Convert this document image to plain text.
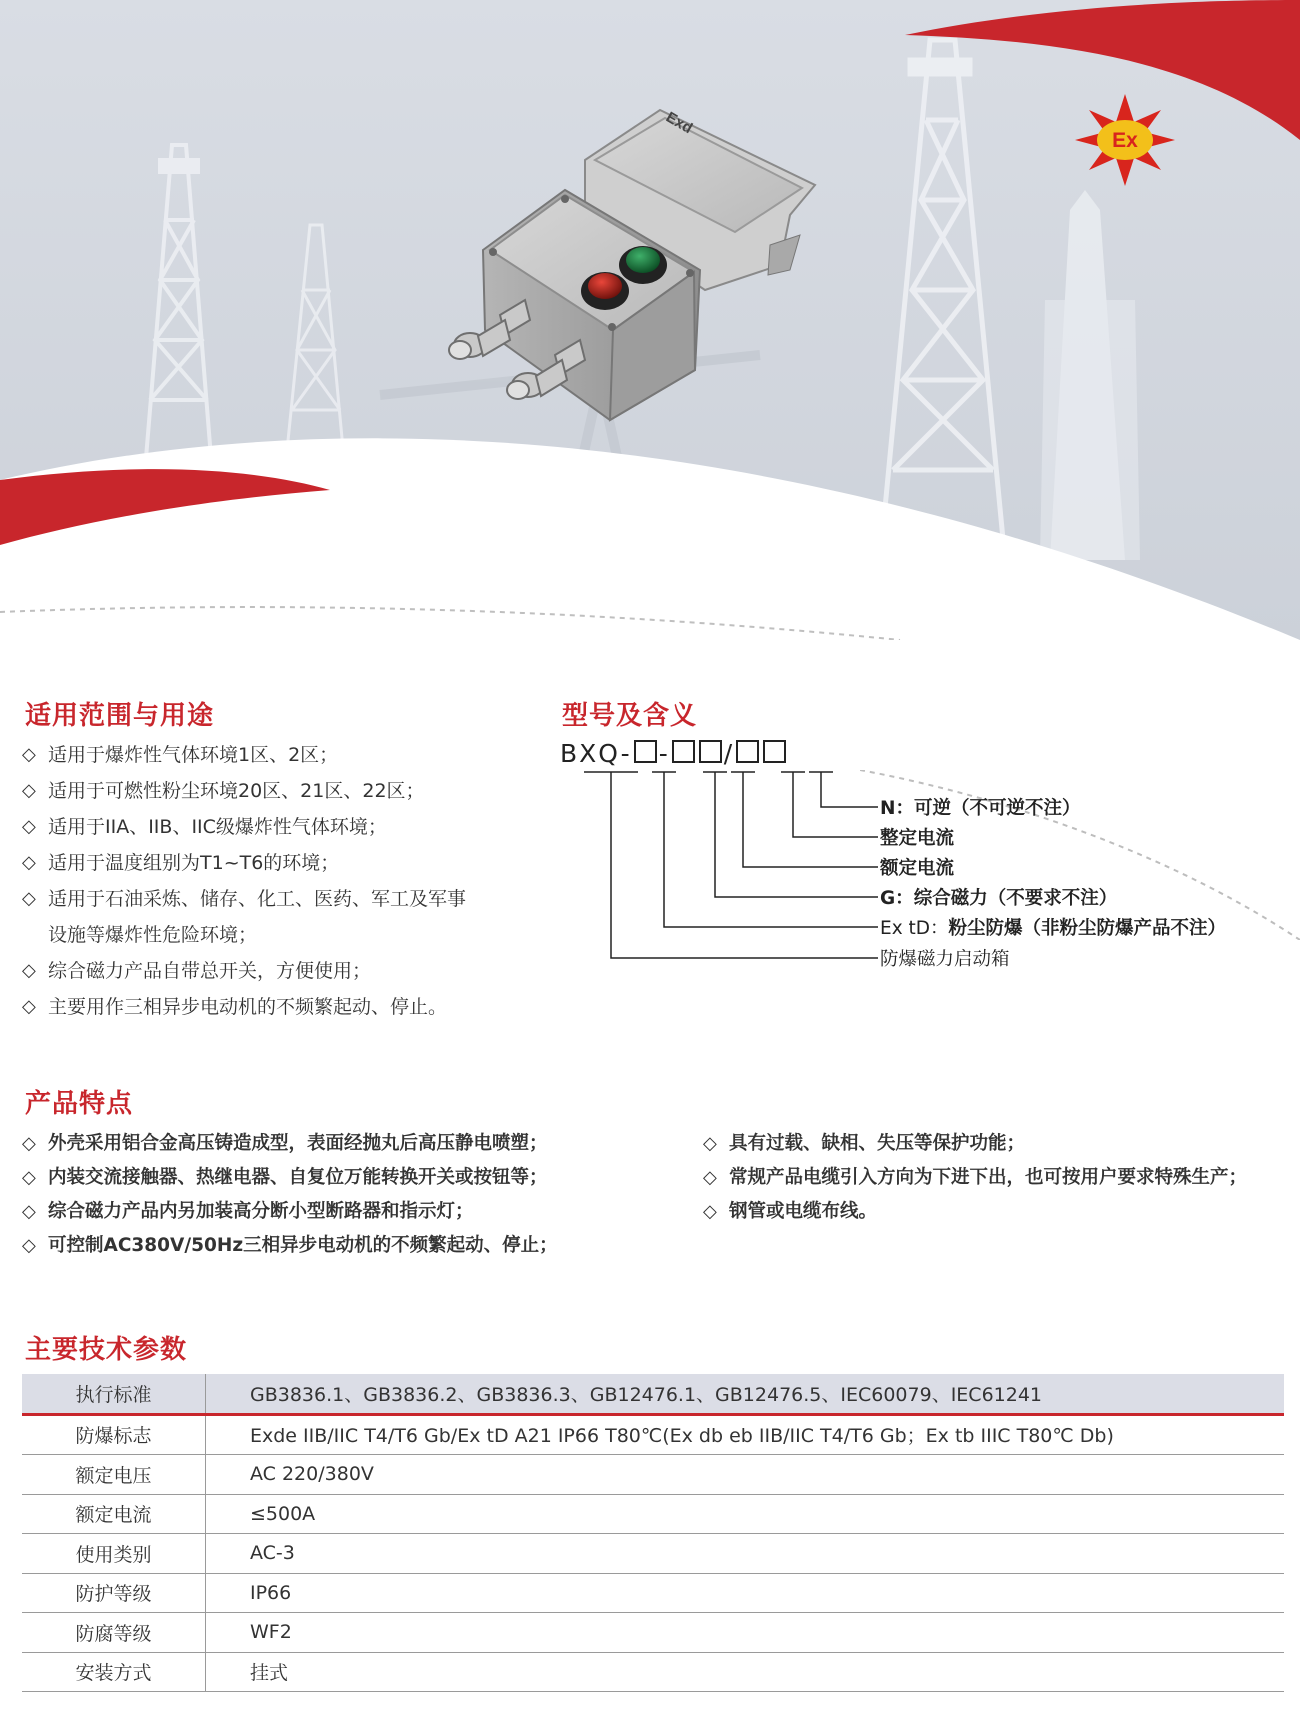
Ex
Exd
适用范围与用途
◇ 适用于爆炸性气体环境1区、2区；
◇ 适用于可燃性粉尘环境20区、21区、22区；
◇ 适用于IIA、IIB、IIC级爆炸性气体环境；
◇ 适用于温度组别为T1~T6的环境；
◇ 适用于石油采炼、储存、化工、医药、军工及军事
设施等爆炸性危险环境；
◇ 综合磁力产品自带总开关，方便使用；
◇ 主要用作三相异步电动机的不频繁起动、停止。
型号及含义
BXQ- - /
N：可逆（不可逆不注）
整定电流
额定电流
G：综合磁力（不要求不注）
Ex tD：粉尘防爆（非粉尘防爆产品不注）
防爆磁力启动箱
产品特点
◇ 外壳采用铝合金高压铸造成型，表面经抛丸后高压静电喷塑；
◇ 内装交流接触器、热继电器、自复位万能转换开关或按钮等；
◇ 综合磁力产品内另加装高分断小型断路器和指示灯；
◇ 可控制AC380V/50Hz三相异步电动机的不频繁起动、停止；
◇ 具有过载、缺相、失压等保护功能；
◇ 常规产品电缆引入方向为下进下出，也可按用户要求特殊生产；
◇ 钢管或电缆布线。
主要技术参数
执行标准	GB3836.1、GB3836.2、GB3836.3、GB12476.1、GB12476.5、IEC60079、IEC61241
防爆标志	Exde IIB/IIC T4/T6 Gb/Ex tD A21 IP66 T80℃(Ex db eb IIB/IIC T4/T6 Gb；Ex tb IIIC T80℃ Db)
额定电压	AC 220/380V
额定电流	≤500A
使用类别	AC-3
防护等级	IP66
防腐等级	WF2
安装方式	挂式
